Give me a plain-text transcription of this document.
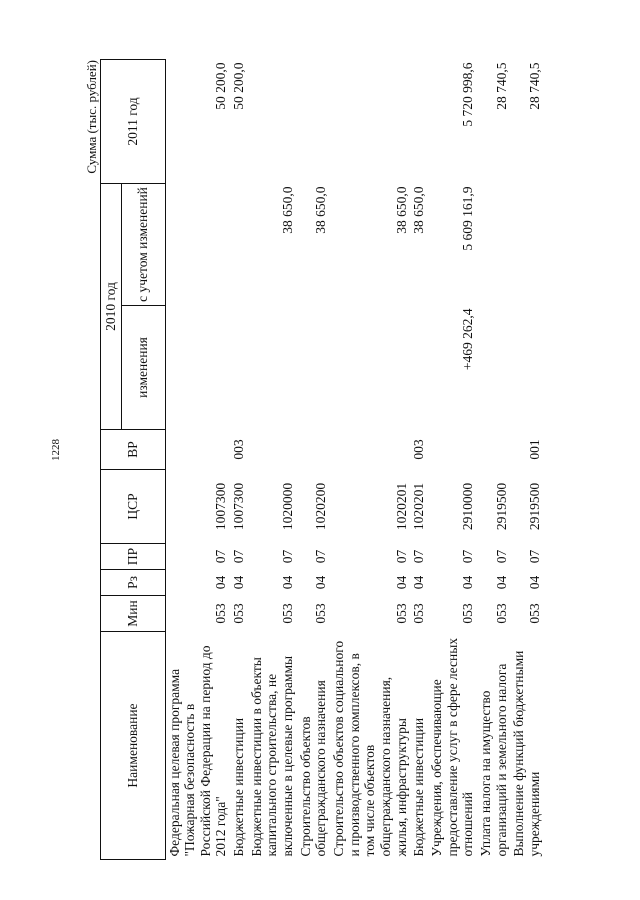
1228
Сумма (тыс. рублей)
Наименование	Мин	Рз	ПР	ЦСР	ВР	2010 год		2011 год
						изменения	с учетом изменений	
Федеральная целевая программа "Пожарная безопасность в Российской Федерации на период до 2012 года"	053	04	07	1007300				50 200,0
Бюджетные инвестиции	053	04	07	1007300	003			50 200,0
Бюджетные инвестиции в объекты капитального строительства, не включенные в целевые программы	053	04	07	1020000			38 650,0	
Строительство объектов общегражданского назначения	053	04	07	1020200			38 650,0	
Строительство объектов социального и производственного комплексов, в том числе объектов общегражданского назначения, жилья, инфраструктуры	053	04	07	1020201			38 650,0	
Бюджетные инвестиции	053	04	07	1020201	003		38 650,0	
Учреждения, обеспечивающие предоставление услуг в сфере лесных отношений	053	04	07	2910000		+469 262,4	5 609 161,9	5 720 998,6
Уплата налога на имущество организаций и земельного налога	053	04	07	2919500				28 740,5
Выполнение функций бюджетными учреждениями	053	04	07	2919500	001			28 740,5
